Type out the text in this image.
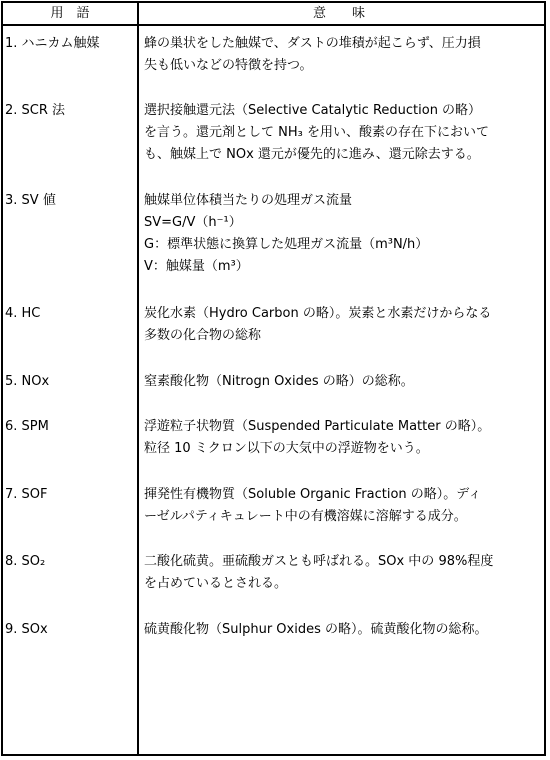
用　語	意　　味
1. ハニカム触媒	蜂の巣状をした触媒で、ダストの堆積が起こらず、圧力損
失も低いなどの特徴を持つ。
2. SCR 法	選択接触還元法（Selective Catalytic Reduction の略）
を言う。還元剤として NH₃ を用い、酸素の存在下において
も、触媒上で NOx 還元が優先的に進み、還元除去する。
3. SV 値	触媒単位体積当たりの処理ガス流量
SV=G/V（h⁻¹）
G：標準状態に換算した処理ガス流量（m³N/h）
V：触媒量（m³）
4. HC	炭化水素（Hydro Carbon の略）。炭素と水素だけからなる
多数の化合物の総称
5. NOx	窒素酸化物（Nitrogn Oxides の略）の総称。
6. SPM	浮遊粒子状物質（Suspended Particulate Matter の略）。
粒径 10 ミクロン以下の大気中の浮遊物をいう。
7. SOF	揮発性有機物質（Soluble Organic Fraction の略）。ディ
ーゼルパティキュレート中の有機溶媒に溶解する成分。
8. SO₂	二酸化硫黄。亜硫酸ガスとも呼ばれる。SOx 中の 98%程度
を占めているとされる。
9. SOx	硫黄酸化物（Sulphur Oxides の略）。硫黄酸化物の総称。
